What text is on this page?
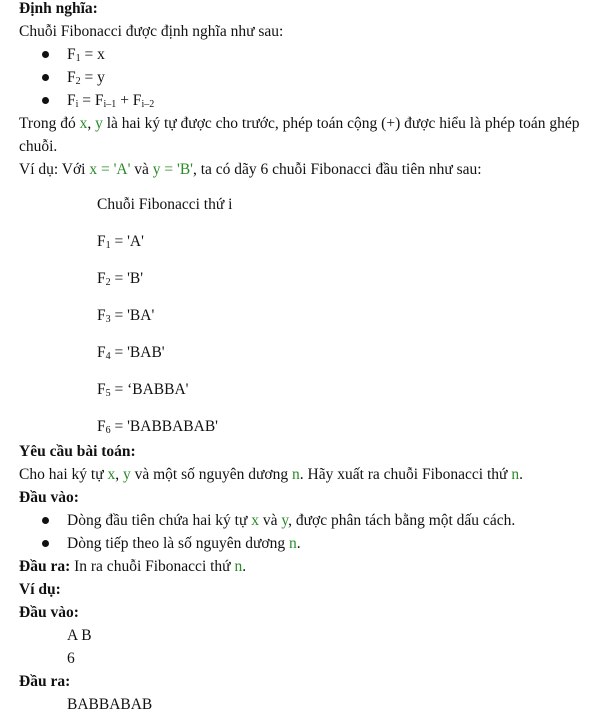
Định nghĩa:

Chuỗi Fibonacci được định nghĩa như sau:

$F_1 = x$
$F_2 = y$
$F_i = F_{i-1} + F_{i-2}$

Trong đó x, y là hai ký tự được cho trước, phép toán cộng (+) được hiểu là phép toán ghép chuỗi.

Ví dụ: Với x = 'A' và y = 'B', ta có dãy 6 chuỗi Fibonacci đầu tiên như sau:

Chuỗi Fibonacci thứ i

$F_1$ = 'A'

$F_2$ = 'B'

$F_3$ = 'BA'

$F_4$ = 'BAB'

$F_5$ = ‘BABBA'

$F_6$ = 'BABBABAB'

Yêu cầu bài toán:

Cho hai ký tự x, y và một số nguyên dương n. Hãy xuất ra chuỗi Fibonacci thứ n.

Đầu vào:

Dòng đầu tiên chứa hai ký tự x và y, được phân tách bằng một dấu cách.
Dòng tiếp theo là số nguyên dương n.

Đầu ra: In ra chuỗi Fibonacci thứ n.

Ví dụ:

Đầu vào:

A B

6

Đầu ra:

BABBABAB
